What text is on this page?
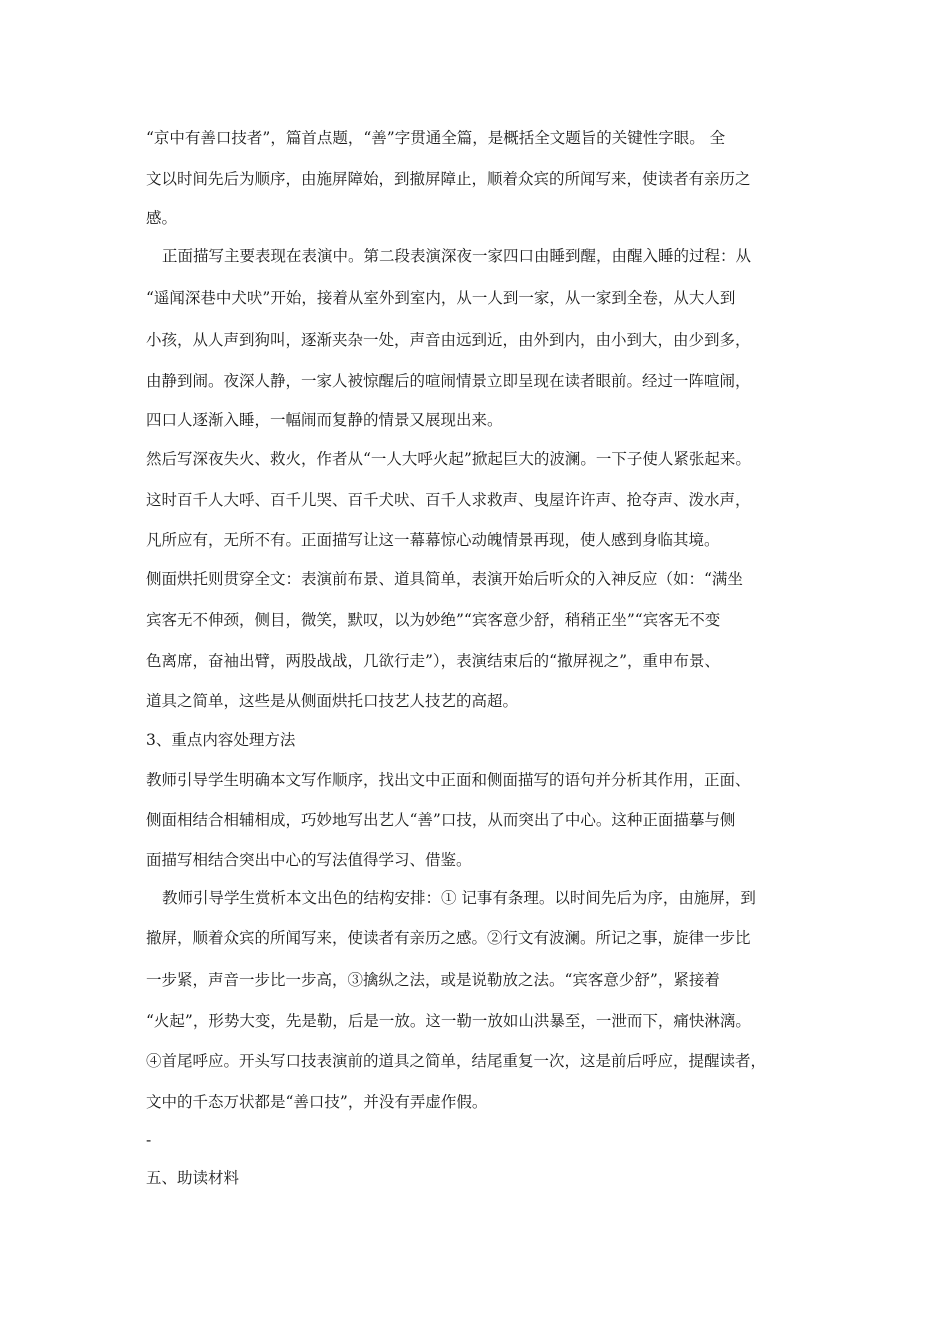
“京中有善口技者”，篇首点题，“善”字贯通全篇，是概括全文题旨的关键性字眼。 全
文以时间先后为顺序，由施屏障始，到撤屏障止，顺着众宾的所闻写来，使读者有亲历之
感。
正面描写主要表现在表演中。第二段表演深夜一家四口由睡到醒，由醒入睡的过程：从
“遥闻深巷中犬吠”开始，接着从室外到室内，从一人到一家，从一家到全卷，从大人到
小孩，从人声到狗叫，逐渐夹杂一处，声音由远到近，由外到内，由小到大，由少到多，
由静到闹。夜深人静，一家人被惊醒后的喧闹情景立即呈现在读者眼前。经过一阵喧闹，
四口人逐渐入睡，一幅闹而复静的情景又展现出来。
然后写深夜失火、救火，作者从“一人大呼火起”掀起巨大的波澜。一下子使人紧张起来。
这时百千人大呼、百千儿哭、百千犬吠、百千人求救声、曳屋许许声、抢夺声、泼水声，
凡所应有，无所不有。正面描写让这一幕幕惊心动魄情景再现，使人感到身临其境。
侧面烘托则贯穿全文：表演前布景、道具简单，表演开始后听众的入神反应（如：“满坐
宾客无不伸颈，侧目，微笑，默叹，以为妙绝”“宾客意少舒，稍稍正坐”“宾客无不变
色离席，奋袖出臂，两股战战，几欲行走”），表演结束后的“撤屏视之”，重申布景、
道具之简单，这些是从侧面烘托口技艺人技艺的高超。
3、重点内容处理方法
教师引导学生明确本文写作顺序，找出文中正面和侧面描写的语句并分析其作用，正面、
侧面相结合相辅相成，巧妙地写出艺人“善”口技，从而突出了中心。这种正面描摹与侧
面描写相结合突出中心的写法值得学习、借鉴。
教师引导学生赏析本文出色的结构安排：① 记事有条理。以时间先后为序，由施屏，到
撤屏，顺着众宾的所闻写来，使读者有亲历之感。②行文有波澜。所记之事，旋律一步比
一步紧，声音一步比一步高，③擒纵之法，或是说勒放之法。“宾客意少舒”，紧接着
“火起”，形势大变，先是勒，后是一放。这一勒一放如山洪暴至，一泄而下，痛快淋漓。
④首尾呼应。开头写口技表演前的道具之简单，结尾重复一次，这是前后呼应，提醒读者，
文中的千态万状都是“善口技”，并没有弄虚作假。
-
五、助读材料
